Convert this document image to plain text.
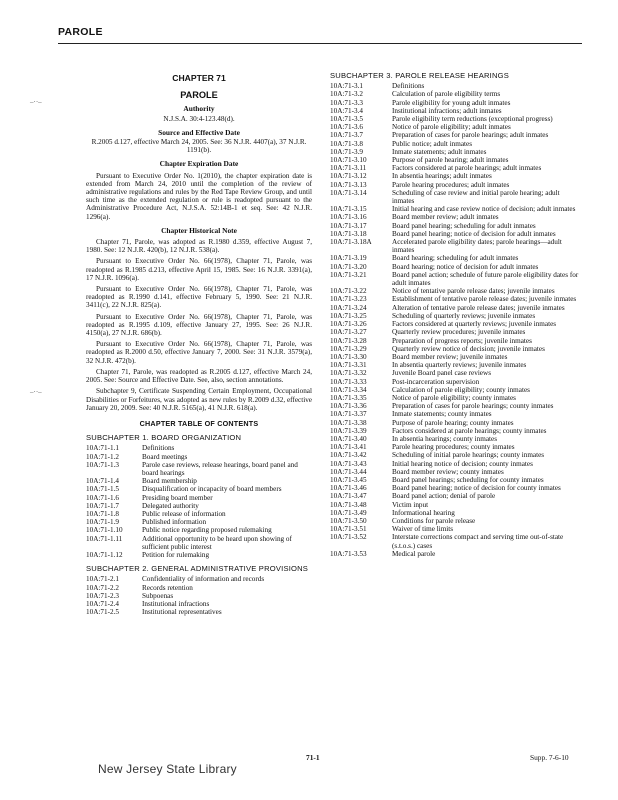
PAROLE
–··–
–··–
CHAPTER 71
PAROLE
Authority
N.J.S.A. 30:4-123.48(d).
Source and Effective Date
R.2005 d.127, effective March 24, 2005. See: 36 N.J.R. 4407(a), 37 N.J.R. 1191(b).
Chapter Expiration Date
Pursuant to Executive Order No. 1(2010), the chapter expiration date is extended from March 24, 2010 until the completion of the review of administrative regulations and rules by the Red Tape Review Group, and until such time as the extended regulation or rule is readopted pursuant to the Administrative Procedure Act, N.J.S.A. 52:14B-1 et seq. See: 42 N.J.R. 1296(a).
Chapter Historical Note
Chapter 71, Parole, was adopted as R.1980 d.359, effective August 7, 1980. See: 12 N.J.R. 420(b), 12 N.J.R. 538(a).
Pursuant to Executive Order No. 66(1978), Chapter 71, Parole, was readopted as R.1985 d.213, effective April 15, 1985. See: 16 N.J.R. 3391(a), 17 N.J.R. 1096(a).
Pursuant to Executive Order No. 66(1978), Chapter 71, Parole, was readopted as R.1990 d.141, effective February 5, 1990. See: 21 N.J.R. 3411(c), 22 N.J.R. 825(a).
Pursuant to Executive Order No. 66(1978), Chapter 71, Parole, was readopted as R.1995 d.109, effective January 27, 1995. See: 26 N.J.R. 4150(a), 27 N.J.R. 686(b).
Pursuant to Executive Order No. 66(1978), Chapter 71, Parole, was readopted as R.2000 d.50, effective January 7, 2000. See: 31 N.J.R. 3579(a), 32 N.J.R. 472(b).
Chapter 71, Parole, was readopted as R.2005 d.127, effective March 24, 2005. See: Source and Effective Date. See, also, section annotations.
Subchapter 9, Certificate Suspending Certain Employment, Occupational Disabilities or Forfeitures, was adopted as new rules by R.2009 d.32, effective January 20, 2009. See: 40 N.J.R. 5165(a), 41 N.J.R. 618(a).
CHAPTER TABLE OF CONTENTS
SUBCHAPTER 1. BOARD ORGANIZATION
10A:71-1.1	Definitions
10A:71-1.2	Board meetings
10A:71-1.3	Parole case reviews, release hearings, board panel and board hearings
10A:71-1.4	Board membership
10A:71-1.5	Disqualification or incapacity of board members
10A:71-1.6	Presiding board member
10A:71-1.7	Delegated authority
10A:71-1.8	Public release of information
10A:71-1.9	Published information
10A:71-1.10	Public notice regarding proposed rulemaking
10A:71-1.11	Additional opportunity to be heard upon showing of sufficient public interest
10A:71-1.12	Petition for rulemaking
SUBCHAPTER 2. GENERAL ADMINISTRATIVE PROVISIONS
10A:71-2.1	Confidentiality of information and records
10A:71-2.2	Records retention
10A:71-2.3	Subpoenas
10A:71-2.4	Institutional infractions
10A:71-2.5	Institutional representatives
SUBCHAPTER 3. PAROLE RELEASE HEARINGS
10A:71-3.1	Definitions
10A:71-3.2	Calculation of parole eligibility terms
10A:71-3.3	Parole eligibility for young adult inmates
10A:71-3.4	Institutional infractions; adult inmates
10A:71-3.5	Parole eligibility term reductions (exceptional progress)
10A:71-3.6	Notice of parole eligibility; adult inmates
10A:71-3.7	Preparation of cases for parole hearings; adult inmates
10A:71-3.8	Public notice; adult inmates
10A:71-3.9	Inmate statements; adult inmates
10A:71-3.10	Purpose of parole hearing; adult inmates
10A:71-3.11	Factors considered at parole hearings; adult inmates
10A:71-3.12	In absentia hearings; adult inmates
10A:71-3.13	Parole hearing procedures; adult inmates
10A:71-3.14	Scheduling of case review and initial parole hearing; adult inmates
10A:71-3.15	Initial hearing and case review notice of decision; adult inmates
10A:71-3.16	Board member review; adult inmates
10A:71-3.17	Board panel hearing; scheduling for adult inmates
10A:71-3.18	Board panel hearing; notice of decision for adult inmates
10A:71-3.18A	Accelerated parole eligibility dates; parole hearings—adult inmates
10A:71-3.19	Board hearing; scheduling for adult inmates
10A:71-3.20	Board hearing; notice of decision for adult inmates
10A:71-3.21	Board panel action; schedule of future parole eligibility dates for adult inmates
10A:71-3.22	Notice of tentative parole release dates; juvenile inmates
10A:71-3.23	Establishment of tentative parole release dates; juvenile inmates
10A:71-3.24	Alteration of tentative parole release dates; juvenile inmates
10A:71-3.25	Scheduling of quarterly reviews; juvenile inmates
10A:71-3.26	Factors considered at quarterly reviews; juvenile inmates
10A:71-3.27	Quarterly review procedures; juvenile inmates
10A:71-3.28	Preparation of progress reports; juvenile inmates
10A:71-3.29	Quarterly review notice of decision; juvenile inmates
10A:71-3.30	Board member review; juvenile inmates
10A:71-3.31	In absentia quarterly reviews; juvenile inmates
10A:71-3.32	Juvenile Board panel case reviews
10A:71-3.33	Post-incarceration supervision
10A:71-3.34	Calculation of parole eligibility; county inmates
10A:71-3.35	Notice of parole eligibility; county inmates
10A:71-3.36	Preparation of cases for parole hearings; county inmates
10A:71-3.37	Inmate statements; county inmates
10A:71-3.38	Purpose of parole hearing; county inmates
10A:71-3.39	Factors considered at parole hearings; county inmates
10A:71-3.40	In absentia hearings; county inmates
10A:71-3.41	Parole hearing procedures; county inmates
10A:71-3.42	Scheduling of initial parole hearings; county inmates
10A:71-3.43	Initial hearing notice of decision; county inmates
10A:71-3.44	Board member review; county inmates
10A:71-3.45	Board panel hearings; scheduling for county inmates
10A:71-3.46	Board panel hearing; notice of decision for county inmates
10A:71-3.47	Board panel action; denial of parole
10A:71-3.48	Victim input
10A:71-3.49	Informational hearing
10A:71-3.50	Conditions for parole release
10A:71-3.51	Waiver of time limits
10A:71-3.52	Interstate corrections compact and serving time out-of-state (s.t.o.s.) cases
10A:71-3.53	Medical parole
New Jersey State Library
71-1	Supp. 7-6-10
